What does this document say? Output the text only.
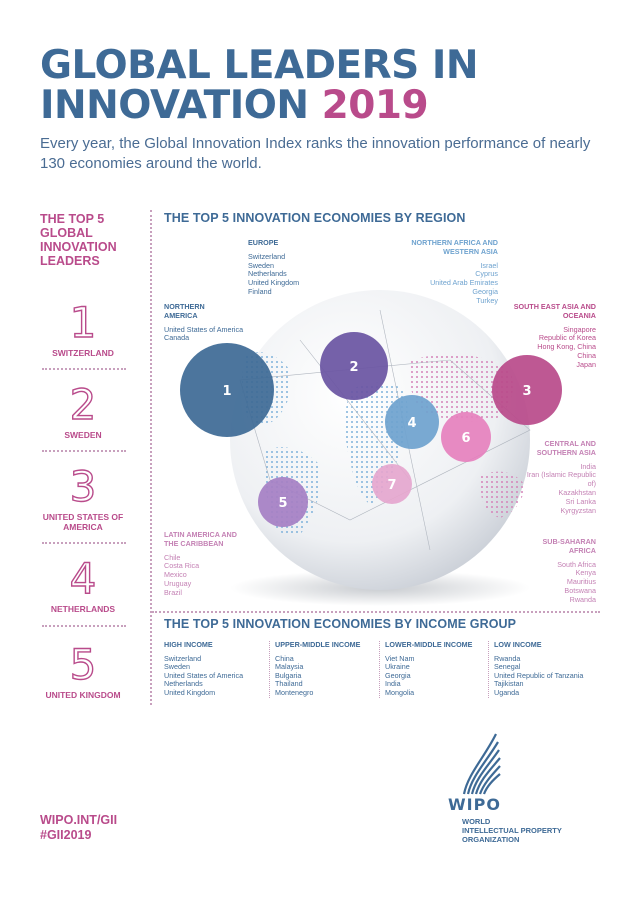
GLOBAL LEADERS IN
INNOVATION 2019
Every year, the Global Innovation Index ranks the innovation performance of nearly 130 economies around the world.
THE TOP 5 GLOBAL INNOVATION LEADERS
1
SWITZERLAND
2
SWEDEN
3
UNITED STATES OF AMERICA
4
NETHERLANDS
5
UNITED KINGDOM
THE TOP 5 INNOVATION ECONOMIES BY REGION
1
2
3
4
5
6
7
EUROPE
Switzerland
Sweden
Netherlands
United Kingdom
Finland
NORTHERN AFRICA AND WESTERN ASIA
Israel
Cyprus
United Arab Emirates
Georgia
Turkey
NORTHERN AMERICA
United States of America
Canada
SOUTH EAST ASIA AND OCEANIA
Singapore
Republic of Korea
Hong Kong, China
China
Japan
CENTRAL AND SOUTHERN ASIA
India
Iran (Islamic Republic of)
Kazakhstan
Sri Lanka
Kyrgyzstan
LATIN AMERICA AND THE CARIBBEAN
Chile
Costa Rica
Mexico
Uruguay
Brazil
SUB-SAHARAN AFRICA
South Africa
Kenya
Mauritius
Botswana
Rwanda
THE TOP 5 INNOVATION ECONOMIES BY INCOME GROUP
HIGH INCOME
Switzerland
Sweden
United States of America
Netherlands
United Kingdom
UPPER-MIDDLE INCOME
China
Malaysia
Bulgaria
Thailand
Montenegro
LOWER-MIDDLE INCOME
Viet Nam
Ukraine
Georgia
India
Mongolia
LOW INCOME
Rwanda
Senegal
United Republic of Tanzania
Tajikistan
Uganda
WIPO.INT/GII
#GII2019
WIPO
WORLD
INTELLECTUAL PROPERTY
ORGANIZATION
